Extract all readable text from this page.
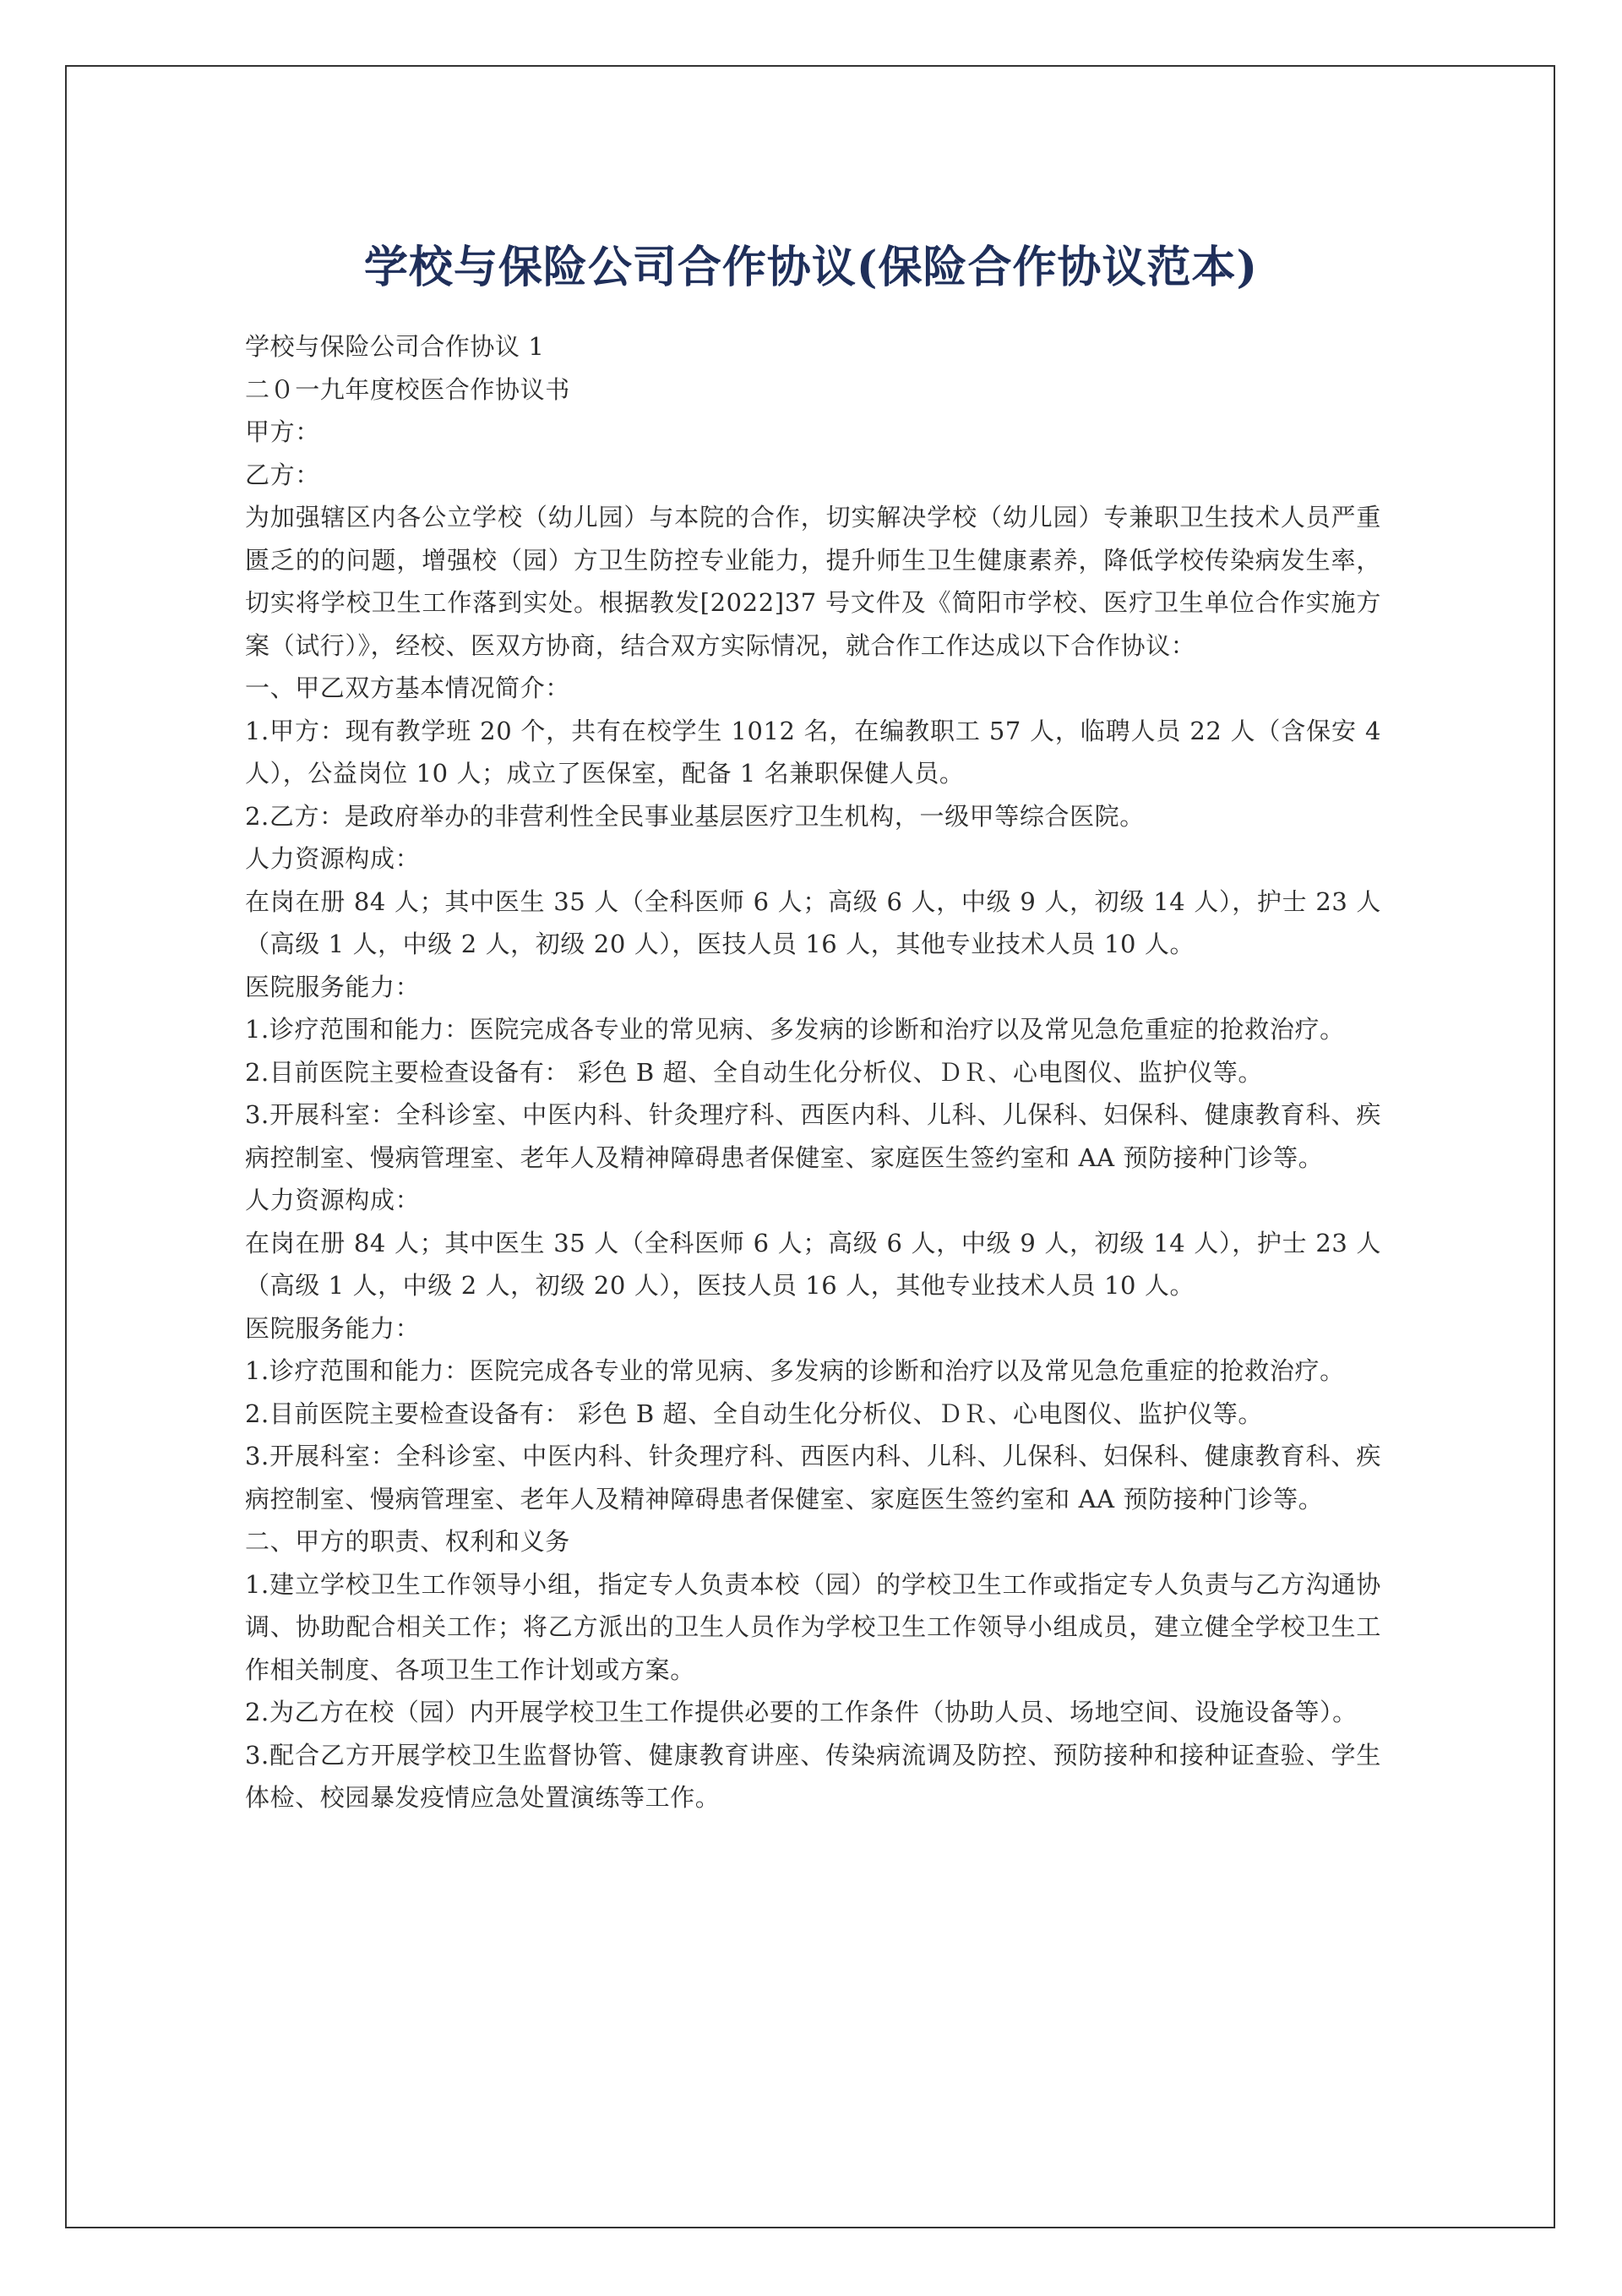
学校与保险公司合作协议(保险合作协议范本)

学校与保险公司合作协议 1

二０一九年度校医合作协议书

甲方：

乙方：

为加强辖区内各公立学校（幼儿园）与本院的合作，切实解决学校（幼儿园）专兼职卫生技术人员严重匮乏的的问题，增强校（园）方卫生防控专业能力，提升师生卫生健康素养，降低学校传染病发生率，切实将学校卫生工作落到实处。根据教发[2022]37 号文件及《简阳市学校、医疗卫生单位合作实施方案（试行）》，经校、医双方协商，结合双方实际情况，就合作工作达成以下合作协议：

一、甲乙双方基本情况简介：

1.甲方：现有教学班 20 个，共有在校学生 1012 名，在编教职工 57 人，临聘人员 22 人（含保安 4 人），公益岗位 10 人；成立了医保室，配备 1 名兼职保健人员。

2.乙方：是政府举办的非营利性全民事业基层医疗卫生机构，一级甲等综合医院。

人力资源构成：

在岗在册 84 人；其中医生 35 人（全科医师 6 人；高级 6 人，中级 9 人，初级 14 人），护士 23 人（高级 1 人，中级 2 人，初级 20 人），医技人员 16 人，其他专业技术人员 10 人。

医院服务能力：

1.诊疗范围和能力：医院完成各专业的常见病、多发病的诊断和治疗以及常见急危重症的抢救治疗。

2.目前医院主要检查设备有： 彩色 B 超、全自动生化分析仪、ＤＲ、心电图仪、监护仪等。

3.开展科室：全科诊室、中医内科、针灸理疗科、西医内科、儿科、儿保科、妇保科、健康教育科、疾病控制室、慢病管理室、老年人及精神障碍患者保健室、家庭医生签约室和 AA 预防接种门诊等。

人力资源构成：

在岗在册 84 人；其中医生 35 人（全科医师 6 人；高级 6 人，中级 9 人，初级 14 人），护士 23 人（高级 1 人，中级 2 人，初级 20 人），医技人员 16 人，其他专业技术人员 10 人。

医院服务能力：

1.诊疗范围和能力：医院完成各专业的常见病、多发病的诊断和治疗以及常见急危重症的抢救治疗。

2.目前医院主要检查设备有： 彩色 B 超、全自动生化分析仪、ＤＲ、心电图仪、监护仪等。

3.开展科室：全科诊室、中医内科、针灸理疗科、西医内科、儿科、儿保科、妇保科、健康教育科、疾病控制室、慢病管理室、老年人及精神障碍患者保健室、家庭医生签约室和 AA 预防接种门诊等。

二、甲方的职责、权利和义务

1.建立学校卫生工作领导小组，指定专人负责本校（园）的学校卫生工作或指定专人负责与乙方沟通协调、协助配合相关工作；将乙方派出的卫生人员作为学校卫生工作领导小组成员，建立健全学校卫生工作相关制度、各项卫生工作计划或方案。

2.为乙方在校（园）内开展学校卫生工作提供必要的工作条件（协助人员、场地空间、设施设备等）。

3.配合乙方开展学校卫生监督协管、健康教育讲座、传染病流调及防控、预防接种和接种证查验、学生体检、校园暴发疫情应急处置演练等工作。
